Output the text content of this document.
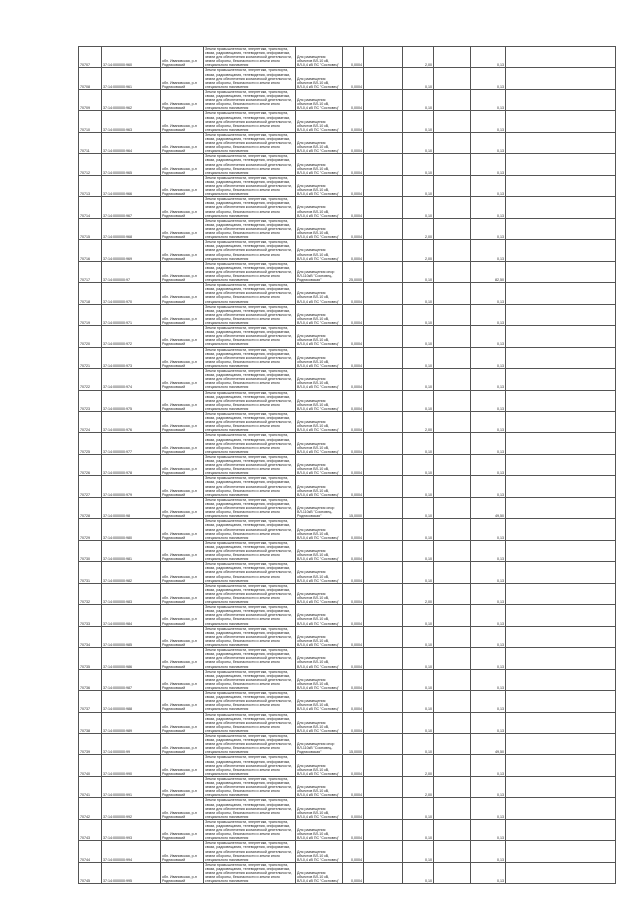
70707	37:14:000000:960	обл. Ивановская, р-н Родниковский	Земли промышленности, энергетики, транспорта, связи, радиовещания, телевидения, информатики, земли для обеспечения космической деятельности, земли обороны, безопасности и земли иного специального назначения	Для размещения объектов ВЛ-10 кВ, ВЛ-0,4 кВ ПС "Сосновец"	0,0004		2,00		0,13	
70708	37:14:000000:961	обл. Ивановская, р-н Родниковский	Земли промышленности, энергетики, транспорта, связи, радиовещания, телевидения, информатики, земли для обеспечения космической деятельности, земли обороны, безопасности и земли иного специального назначения	Для размещения объектов ВЛ-10 кВ, ВЛ-0,4 кВ ПС "Сосновец"	0,0004		0,10		0,13	
70709	37:14:000000:962	обл. Ивановская, р-н Родниковский	Земли промышленности, энергетики, транспорта, связи, радиовещания, телевидения, информатики, земли для обеспечения космической деятельности, земли обороны, безопасности и земли иного специального назначения	Для размещения объектов ВЛ-10 кВ, ВЛ-0,4 кВ ПС "Сосновец"	0,0004		0,10		0,13	
70710	37:14:000000:963	обл. Ивановская, р-н Родниковский	Земли промышленности, энергетики, транспорта, связи, радиовещания, телевидения, информатики, земли для обеспечения космической деятельности, земли обороны, безопасности и земли иного специального назначения	Для размещения объектов ВЛ-10 кВ, ВЛ-0,4 кВ ПС "Сосновец"	0,0004		0,10		0,13	
70711	37:14:000000:964	обл. Ивановская, р-н Родниковский	Земли промышленности, энергетики, транспорта, связи, радиовещания, телевидения, информатики, земли для обеспечения космической деятельности, земли обороны, безопасности и земли иного специального назначения	Для размещения объектов ВЛ-10 кВ, ВЛ-0,4 кВ ПС "Сосновец"	0,0004		0,10		0,13	
70712	37:14:000000:965	обл. Ивановская, р-н Родниковский	Земли промышленности, энергетики, транспорта, связи, радиовещания, телевидения, информатики, земли для обеспечения космической деятельности, земли обороны, безопасности и земли иного специального назначения	Для размещения объектов ВЛ-10 кВ, ВЛ-0,4 кВ ПС "Сосновец"	0,0004		0,10		0,13	
70713	37:14:000000:966	обл. Ивановская, р-н Родниковский	Земли промышленности, энергетики, транспорта, связи, радиовещания, телевидения, информатики, земли для обеспечения космической деятельности, земли обороны, безопасности и земли иного специального назначения	Для размещения объектов ВЛ-10 кВ, ВЛ-0,4 кВ ПС "Сосновец"	0,0004		0,10		0,13	
70714	37:14:000000:967	обл. Ивановская, р-н Родниковский	Земли промышленности, энергетики, транспорта, связи, радиовещания, телевидения, информатики, земли для обеспечения космической деятельности, земли обороны, безопасности и земли иного специального назначения	Для размещения объектов ВЛ-10 кВ, ВЛ-0,4 кВ ПС "Сосновец"	0,0004		0,10		0,13	
70715	37:14:000000:968	обл. Ивановская, р-н Родниковский	Земли промышленности, энергетики, транспорта, связи, радиовещания, телевидения, информатики, земли для обеспечения космической деятельности, земли обороны, безопасности и земли иного специального назначения	Для размещения объектов ВЛ-10 кВ, ВЛ-0,4 кВ ПС "Сосновец"	0,0004		2,00		0,13	
70716	37:14:000000:969	обл. Ивановская, р-н Родниковский	Земли промышленности, энергетики, транспорта, связи, радиовещания, телевидения, информатики, земли для обеспечения космической деятельности, земли обороны, безопасности и земли иного специального назначения	Для размещения объектов ВЛ-10 кВ, ВЛ-0,4 кВ ПС "Сосновец"	0,0004		2,00		0,13	
70717	37:14:000000:97	обл. Ивановская, р-н Родниковский	Земли промышленности, энергетики, транспорта, связи, радиовещания, телевидения, информатики, земли для обеспечения космической деятельности, земли обороны, безопасности и земли иного специального назначения	Для размещения опор ВЛ-110кВ "Сосновец-Родниковская"	25,0000		0,10		82,50	
70718	37:14:000000:970	обл. Ивановская, р-н Родниковский	Земли промышленности, энергетики, транспорта, связи, радиовещания, телевидения, информатики, земли для обеспечения космической деятельности, земли обороны, безопасности и земли иного специального назначения	Для размещения объектов ВЛ-10 кВ, ВЛ-0,4 кВ ПС "Сосновец"	0,0004		0,10		0,13	
70719	37:14:000000:971	обл. Ивановская, р-н Родниковский	Земли промышленности, энергетики, транспорта, связи, радиовещания, телевидения, информатики, земли для обеспечения космической деятельности, земли обороны, безопасности и земли иного специального назначения	Для размещения объектов ВЛ-10 кВ, ВЛ-0,4 кВ ПС "Сосновец"	0,0004		0,10		0,13	
70720	37:14:000000:972	обл. Ивановская, р-н Родниковский	Земли промышленности, энергетики, транспорта, связи, радиовещания, телевидения, информатики, земли для обеспечения космической деятельности, земли обороны, безопасности и земли иного специального назначения	Для размещения объектов ВЛ-10 кВ, ВЛ-0,4 кВ ПС "Сосновец"	0,0004		0,10		0,13	
70721	37:14:000000:973	обл. Ивановская, р-н Родниковский	Земли промышленности, энергетики, транспорта, связи, радиовещания, телевидения, информатики, земли для обеспечения космической деятельности, земли обороны, безопасности и земли иного специального назначения	Для размещения объектов ВЛ-10 кВ, ВЛ-0,4 кВ ПС "Сосновец"	0,0004		0,10		0,13	
70722	37:14:000000:974	обл. Ивановская, р-н Родниковский	Земли промышленности, энергетики, транспорта, связи, радиовещания, телевидения, информатики, земли для обеспечения космической деятельности, земли обороны, безопасности и земли иного специального назначения	Для размещения объектов ВЛ-10 кВ, ВЛ-0,4 кВ ПС "Сосновец"	0,0004		0,10		0,13	
70723	37:14:000000:975	обл. Ивановская, р-н Родниковский	Земли промышленности, энергетики, транспорта, связи, радиовещания, телевидения, информатики, земли для обеспечения космической деятельности, земли обороны, безопасности и земли иного специального назначения	Для размещения объектов ВЛ-10 кВ, ВЛ-0,4 кВ ПС "Сосновец"	0,0004		0,10		0,13	
70724	37:14:000000:976	обл. Ивановская, р-н Родниковский	Земли промышленности, энергетики, транспорта, связи, радиовещания, телевидения, информатики, земли для обеспечения космической деятельности, земли обороны, безопасности и земли иного специального назначения	Для размещения объектов ВЛ-10 кВ, ВЛ-0,4 кВ ПС "Сосновец"	0,0004		2,00		0,13	
70725	37:14:000000:977	обл. Ивановская, р-н Родниковский	Земли промышленности, энергетики, транспорта, связи, радиовещания, телевидения, информатики, земли для обеспечения космической деятельности, земли обороны, безопасности и земли иного специального назначения	Для размещения объектов ВЛ-10 кВ, ВЛ-0,4 кВ ПС "Сосновец"	0,0004		0,10		0,13	
70726	37:14:000000:978	обл. Ивановская, р-н Родниковский	Земли промышленности, энергетики, транспорта, связи, радиовещания, телевидения, информатики, земли для обеспечения космической деятельности, земли обороны, безопасности и земли иного специального назначения	Для размещения объектов ВЛ-10 кВ, ВЛ-0,4 кВ ПС "Сосновец"	0,0004		0,10		0,13	
70727	37:14:000000:979	обл. Ивановская, р-н Родниковский	Земли промышленности, энергетики, транспорта, связи, радиовещания, телевидения, информатики, земли для обеспечения космической деятельности, земли обороны, безопасности и земли иного специального назначения	Для размещения объектов ВЛ-10 кВ, ВЛ-0,4 кВ ПС "Сосновец"	0,0004		0,10		0,13	
70728	37:14:000000:98	обл. Ивановская, р-н Родниковский	Земли промышленности, энергетики, транспорта, связи, радиовещания, телевидения, информатики, земли для обеспечения космической деятельности, земли обороны, безопасности и земли иного специального назначения	Для размещения опор ВЛ-110кВ "Сосновец-Родниковская"	15,0000		0,10		49,50	
70729	37:14:000000:980	обл. Ивановская, р-н Родниковский	Земли промышленности, энергетики, транспорта, связи, радиовещания, телевидения, информатики, земли для обеспечения космической деятельности, земли обороны, безопасности и земли иного специального назначения	Для размещения объектов ВЛ-10 кВ, ВЛ-0,4 кВ ПС "Сосновец"	0,0004		0,10		0,13	
70730	37:14:000000:981	обл. Ивановская, р-н Родниковский	Земли промышленности, энергетики, транспорта, связи, радиовещания, телевидения, информатики, земли для обеспечения космической деятельности, земли обороны, безопасности и земли иного специального назначения	Для размещения объектов ВЛ-10 кВ, ВЛ-0,4 кВ ПС "Сосновец"	0,0004		0,10		0,13	
70731	37:14:000000:982	обл. Ивановская, р-н Родниковский	Земли промышленности, энергетики, транспорта, связи, радиовещания, телевидения, информатики, земли для обеспечения космической деятельности, земли обороны, безопасности и земли иного специального назначения	Для размещения объектов ВЛ-10 кВ, ВЛ-0,4 кВ ПС "Сосновец"	0,0004		0,10		0,13	
70732	37:14:000000:983	обл. Ивановская, р-н Родниковский	Земли промышленности, энергетики, транспорта, связи, радиовещания, телевидения, информатики, земли для обеспечения космической деятельности, земли обороны, безопасности и земли иного специального назначения	Для размещения объектов ВЛ-10 кВ, ВЛ-0,4 кВ ПС "Сосновец"	0,0004		2,00		0,13	
70733	37:14:000000:984	обл. Ивановская, р-н Родниковский	Земли промышленности, энергетики, транспорта, связи, радиовещания, телевидения, информатики, земли для обеспечения космической деятельности, земли обороны, безопасности и земли иного специального назначения	Для размещения объектов ВЛ-10 кВ, ВЛ-0,4 кВ ПС "Сосновец"	0,0004		0,10		0,13	
70734	37:14:000000:985	обл. Ивановская, р-н Родниковский	Земли промышленности, энергетики, транспорта, связи, радиовещания, телевидения, информатики, земли для обеспечения космической деятельности, земли обороны, безопасности и земли иного специального назначения	Для размещения объектов ВЛ-10 кВ, ВЛ-0,4 кВ ПС "Сосновец"	0,0004		0,10		0,13	
70735	37:14:000000:986	обл. Ивановская, р-н Родниковский	Земли промышленности, энергетики, транспорта, связи, радиовещания, телевидения, информатики, земли для обеспечения космической деятельности, земли обороны, безопасности и земли иного специального назначения	Для размещения объектов ВЛ-10 кВ, ВЛ-0,4 кВ ПС "Сосновец"	0,0004		0,10		0,13	
70736	37:14:000000:987	обл. Ивановская, р-н Родниковский	Земли промышленности, энергетики, транспорта, связи, радиовещания, телевидения, информатики, земли для обеспечения космической деятельности, земли обороны, безопасности и земли иного специального назначения	Для размещения объектов ВЛ-10 кВ, ВЛ-0,4 кВ ПС "Сосновец"	0,0004		0,10		0,13	
70737	37:14:000000:988	обл. Ивановская, р-н Родниковский	Земли промышленности, энергетики, транспорта, связи, радиовещания, телевидения, информатики, земли для обеспечения космической деятельности, земли обороны, безопасности и земли иного специального назначения	Для размещения объектов ВЛ-10 кВ, ВЛ-0,4 кВ ПС "Сосновец"	0,0004		0,10		0,13	
70738	37:14:000000:989	обл. Ивановская, р-н Родниковский	Земли промышленности, энергетики, транспорта, связи, радиовещания, телевидения, информатики, земли для обеспечения космической деятельности, земли обороны, безопасности и земли иного специального назначения	Для размещения объектов ВЛ-10 кВ, ВЛ-0,4 кВ ПС "Сосновец"	0,0004		0,10		0,13	
70739	37:14:000000:99	обл. Ивановская, р-н Родниковский	Земли промышленности, энергетики, транспорта, связи, радиовещания, телевидения, информатики, земли для обеспечения космической деятельности, земли обороны, безопасности и земли иного специального назначения	Для размещения опор ВЛ-110кВ "Сосновец-Родниковская"	15,0000		0,10		49,50	
70740	37:14:000000:990	обл. Ивановская, р-н Родниковский	Земли промышленности, энергетики, транспорта, связи, радиовещания, телевидения, информатики, земли для обеспечения космической деятельности, земли обороны, безопасности и земли иного специального назначения	Для размещения объектов ВЛ-10 кВ, ВЛ-0,4 кВ ПС "Сосновец"	0,0004		2,00		0,13	
70741	37:14:000000:991	обл. Ивановская, р-н Родниковский	Земли промышленности, энергетики, транспорта, связи, радиовещания, телевидения, информатики, земли для обеспечения космической деятельности, земли обороны, безопасности и земли иного специального назначения	Для размещения объектов ВЛ-10 кВ, ВЛ-0,4 кВ ПС "Сосновец"	0,0004		2,00		0,13	
70742	37:14:000000:992	обл. Ивановская, р-н Родниковский	Земли промышленности, энергетики, транспорта, связи, радиовещания, телевидения, информатики, земли для обеспечения космической деятельности, земли обороны, безопасности и земли иного специального назначения	Для размещения объектов ВЛ-10 кВ, ВЛ-0,4 кВ ПС "Сосновец"	0,0004		0,10		0,13	
70743	37:14:000000:993	обл. Ивановская, р-н Родниковский	Земли промышленности, энергетики, транспорта, связи, радиовещания, телевидения, информатики, земли для обеспечения космической деятельности, земли обороны, безопасности и земли иного специального назначения	Для размещения объектов ВЛ-10 кВ, ВЛ-0,4 кВ ПС "Сосновец"	0,0004		0,10		0,13	
70744	37:14:000000:994	обл. Ивановская, р-н Родниковский	Земли промышленности, энергетики, транспорта, связи, радиовещания, телевидения, информатики, земли для обеспечения космической деятельности, земли обороны, безопасности и земли иного специального назначения	Для размещения объектов ВЛ-10 кВ, ВЛ-0,4 кВ ПС "Сосновец"	0,0004		0,10		0,13	
70745	37:14:000000:995	обл. Ивановская, р-н Родниковский	Земли промышленности, энергетики, транспорта, связи, радиовещания, телевидения, информатики, земли для обеспечения космической деятельности, земли обороны, безопасности и земли иного специального назначения	Для размещения объектов ВЛ-10 кВ, ВЛ-0,4 кВ ПС "Сосновец"	0,0004		0,10		0,13	
